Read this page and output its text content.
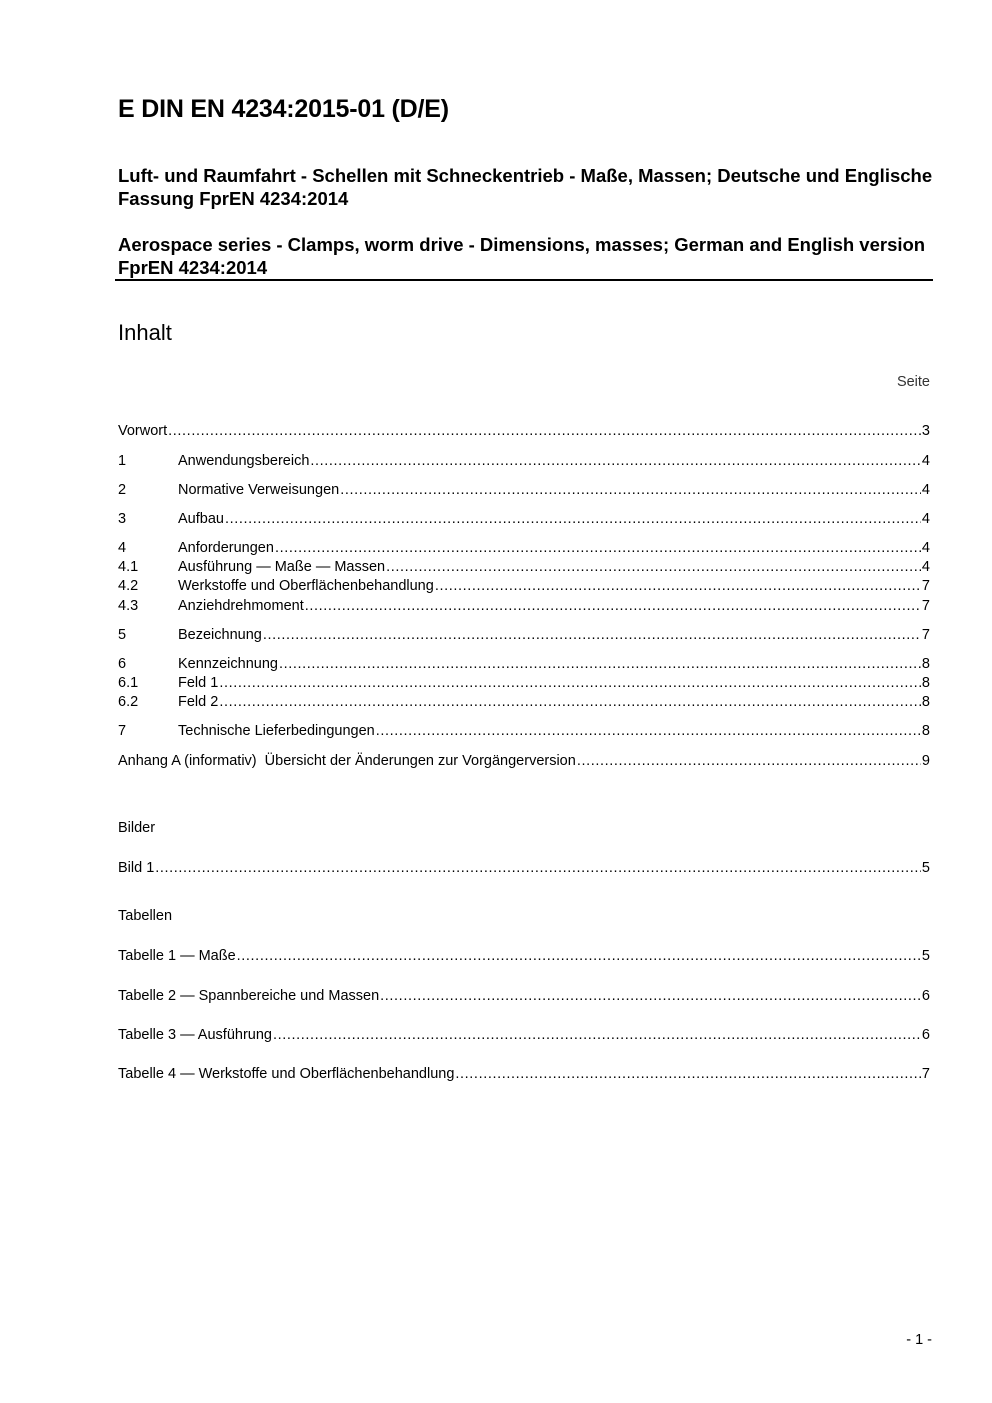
E DIN EN 4234:2015-01 (D/E)
Luft- und Raumfahrt - Schellen mit Schneckentrieb - Maße, Massen; Deutsche und Englische Fassung FprEN 4234:2014
Aerospace series - Clamps, worm drive - Dimensions, masses; German and English version FprEN 4234:2014
Inhalt
Seite
Vorwort .....	3
1	Anwendungsbereich .....	4
2	Normative Verweisungen .....	4
3	Aufbau .....	4
4	Anforderungen .....	4
4.1	Ausführung — Maße — Massen .....	4
4.2	Werkstoffe und Oberflächenbehandlung .....	7
4.3	Anziehdrehmoment .....	7
5	Bezeichnung .....	7
6	Kennzeichnung .....	8
6.1	Feld 1 .....	8
6.2	Feld 2 .....	8
7	Technische Lieferbedingungen .....	8
Anhang A (informativ)  Übersicht der Änderungen zur Vorgängerversion .....	9
Bilder
Bild 1 .....	5
Tabellen
Tabelle 1 — Maße .....	5
Tabelle 2 — Spannbereiche und Massen .....	6
Tabelle 3 — Ausführung .....	6
Tabelle 4 — Werkstoffe und Oberflächenbehandlung .....	7
- 1 -
